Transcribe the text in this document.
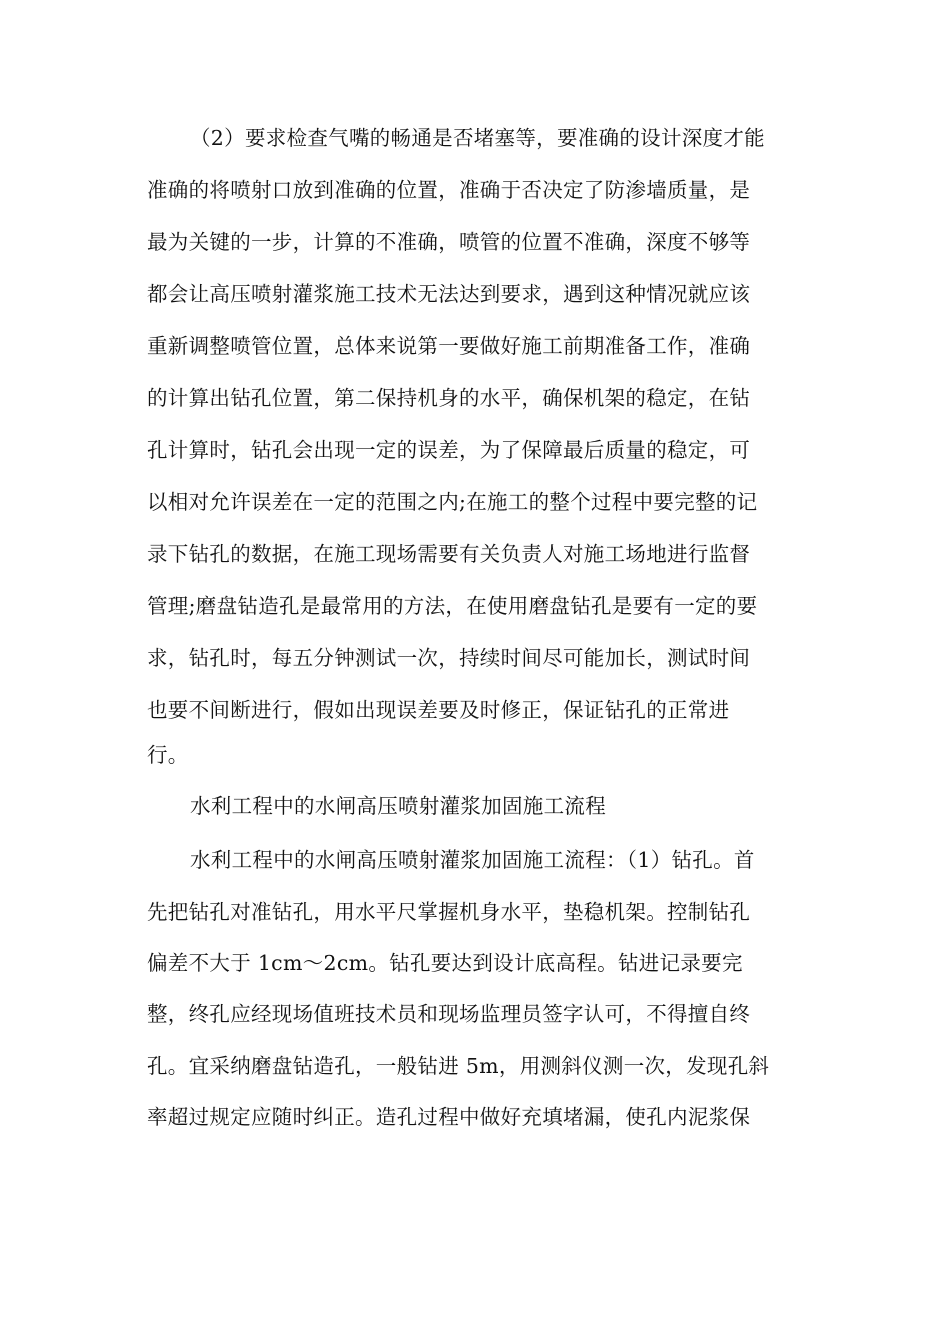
（2）要求检查气嘴的畅通是否堵塞等，要准确的设计深度才能
准确的将喷射口放到准确的位置，准确于否决定了防渗墙质量，是
最为关键的一步，计算的不准确，喷管的位置不准确，深度不够等
都会让高压喷射灌浆施工技术无法达到要求，遇到这种情况就应该
重新调整喷管位置，总体来说第一要做好施工前期准备工作，准确
的计算出钻孔位置，第二保持机身的水平，确保机架的稳定，在钻
孔计算时，钻孔会出现一定的误差，为了保障最后质量的稳定，可
以相对允许误差在一定的范围之内;在施工的整个过程中要完整的记
录下钻孔的数据，在施工现场需要有关负责人对施工场地进行监督
管理;磨盘钻造孔是最常用的方法，在使用磨盘钻孔是要有一定的要
求，钻孔时，每五分钟测试一次，持续时间尽可能加长，测试时间
也要不间断进行，假如出现误差要及时修正，保证钻孔的正常进
行。
水利工程中的水闸高压喷射灌浆加固施工流程
水利工程中的水闸高压喷射灌浆加固施工流程：（1）钻孔。首
先把钻孔对准钻孔，用水平尺掌握机身水平，垫稳机架。控制钻孔
偏差不大于 1cm～2cm。钻孔要达到设计底高程。钻进记录要完
整，终孔应经现场值班技术员和现场监理员签字认可，不得擅自终
孔。宜采纳磨盘钻造孔，一般钻进 5m，用测斜仪测一次，发现孔斜
率超过规定应随时纠正。造孔过程中做好充填堵漏，使孔内泥浆保
